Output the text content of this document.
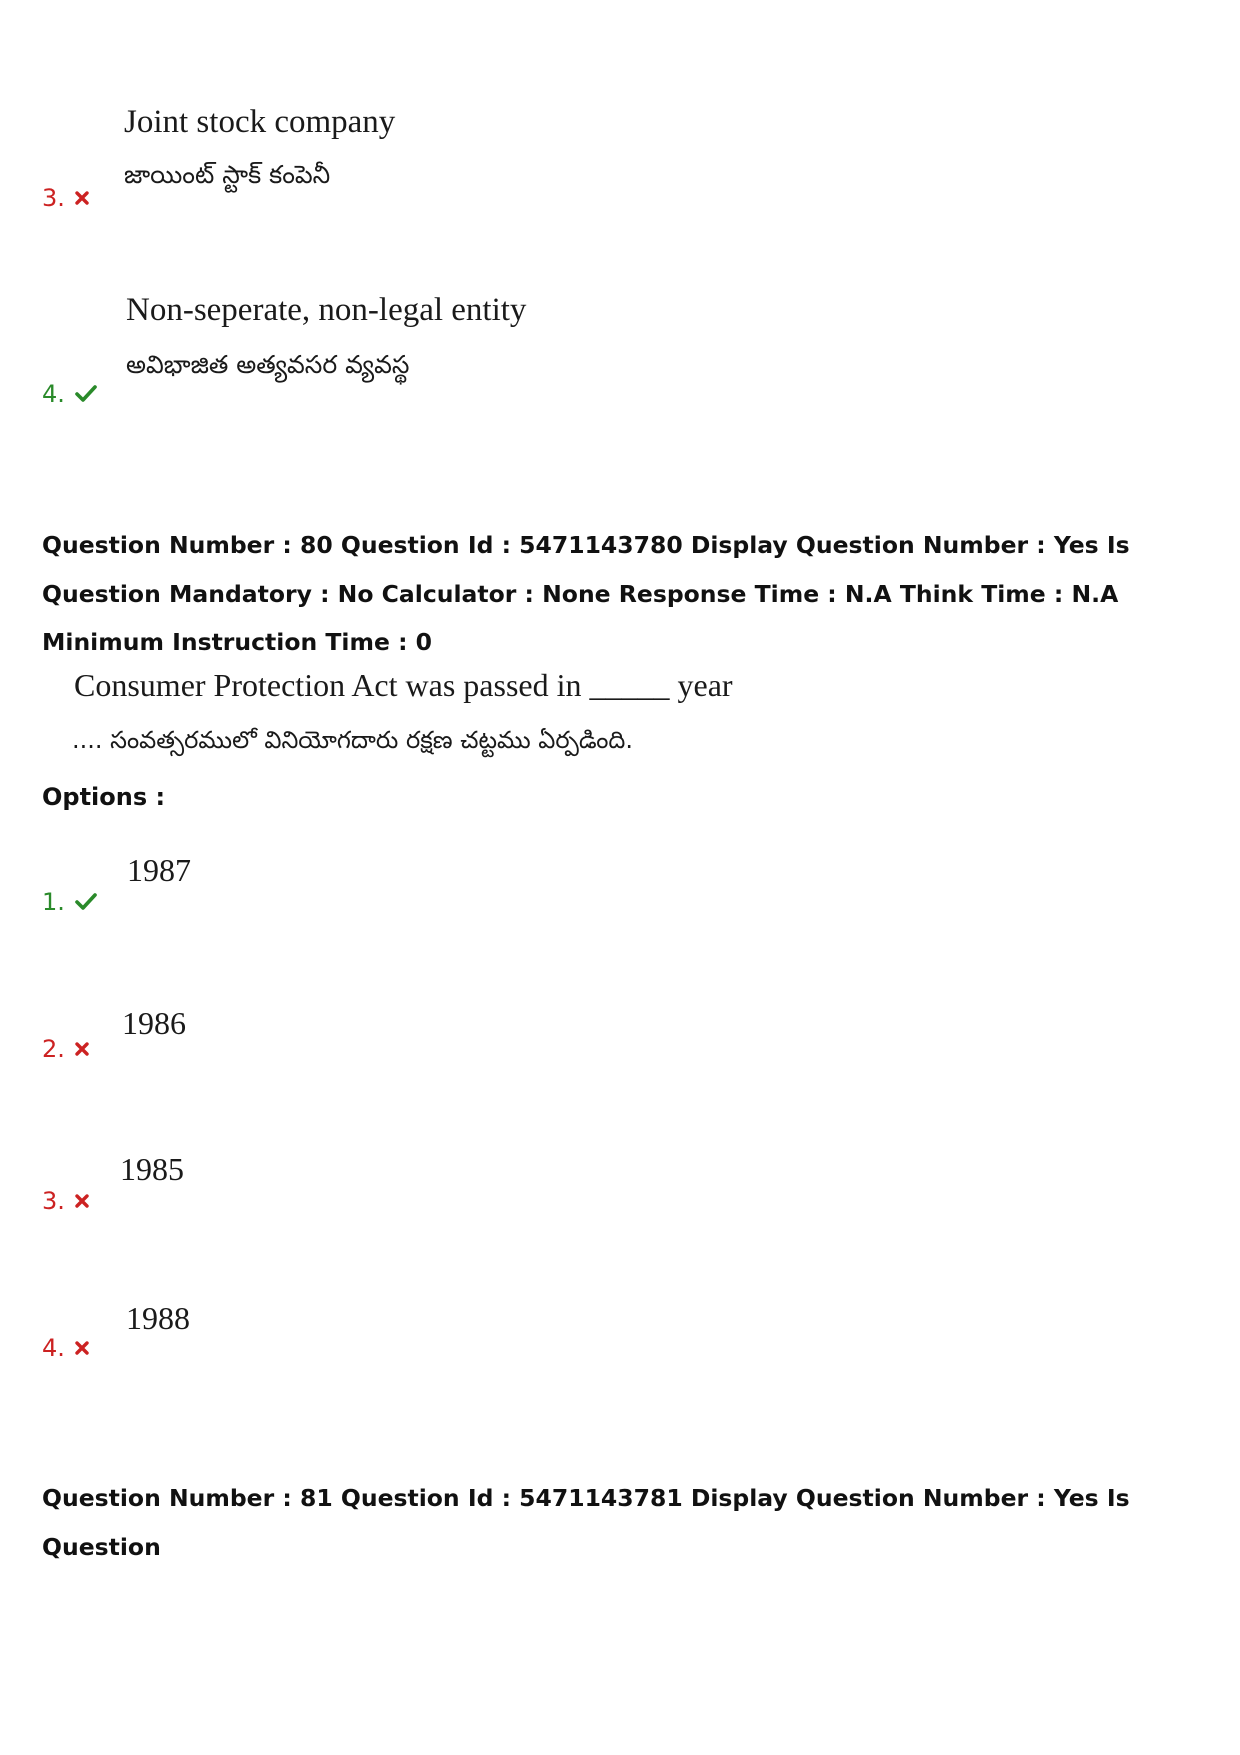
Joint stock company
జాయింట్ స్టాక్ కంపెనీ
3.
Non-seperate, non-legal entity
అవిభాజిత అత్యవసర వ్యవస్థ
4.
Question Number : 80 Question Id : 5471143780 Display Question Number : Yes Is Question Mandatory : No Calculator : None Response Time : N.A Think Time : N.A Minimum Instruction Time : 0
Consumer Protection Act was passed in _____ year
.... సంవత్సరములో వినియోగదారు రక్షణ చట్టము ఏర్పడింది.
Options :
1987
1.
1986
2.
1985
3.
1988
4.
Question Number : 81 Question Id : 5471143781 Display Question Number : Yes Is Question
